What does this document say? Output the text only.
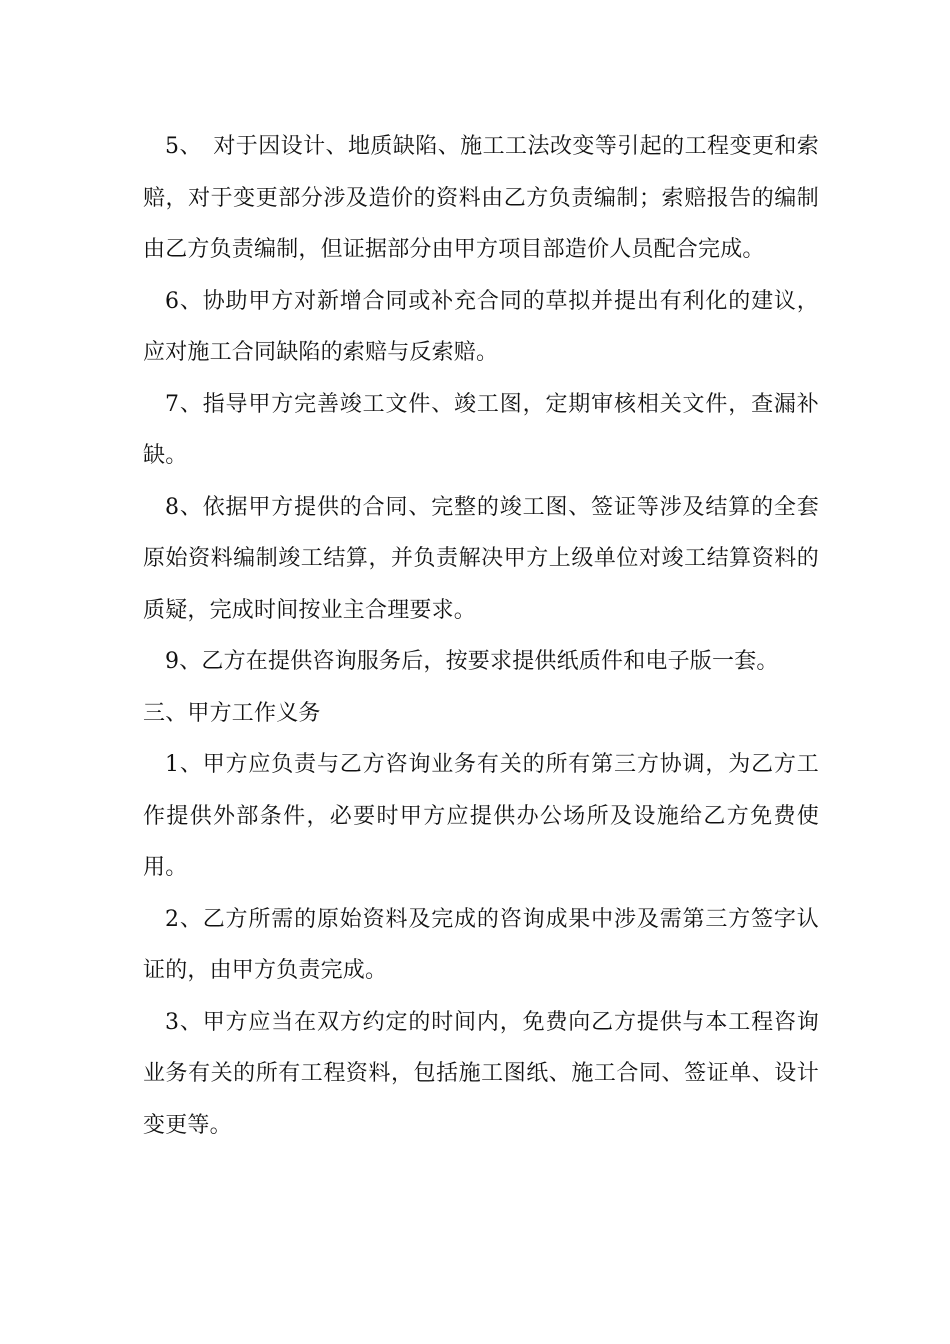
5、　对于因设计、地质缺陷、施工工法改变等引起的工程变更和索　赔，对于变更部分涉及造价的资料由乙方负责编制；索赔报告的编制　由乙方负责编制，但证据部分由甲方项目部造价人员配合完成。

6、协助甲方对新增合同或补充合同的草拟并提出有利化的建议，应对施工合同缺陷的索赔与反索赔。

7、指导甲方完善竣工文件、竣工图，定期审核相关文件，查漏补缺。

8、依据甲方提供的合同、完整的竣工图、签证等涉及结算的全套原始资料编制竣工结算，并负责解决甲方上级单位对竣工结算资料的质疑，完成时间按业主合理要求。

9、乙方在提供咨询服务后，按要求提供纸质件和电子版一套。

三、甲方工作义务

1、甲方应负责与乙方咨询业务有关的所有第三方协调，为乙方工作提供外部条件，必要时甲方应提供办公场所及设施给乙方免费使用。

2、乙方所需的原始资料及完成的咨询成果中涉及需第三方签字认证的，由甲方负责完成。

3、甲方应当在双方约定的时间内，免费向乙方提供与本工程咨询业务有关的所有工程资料，包括施工图纸、施工合同、签证单、设计变更等。
